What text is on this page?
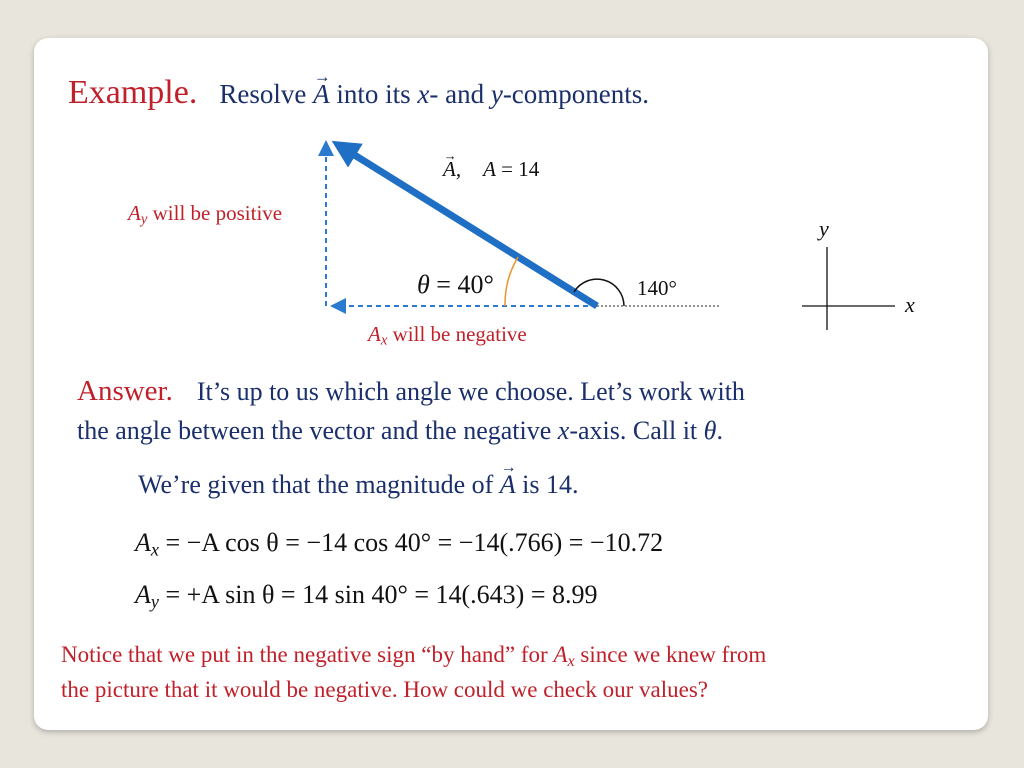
Example. Resolve → A into its x- and y-components.
→ A, A = 14
$A_y$ will be positive
$A_x$ will be negative
θ = 40°	140°
y
x
Answer. It’s up to us which angle we choose. Let’s work with
the angle between the vector and the negative x-axis. Call it θ.
We’re given that the magnitude of → A is 14.
$A_x = -A$ cos θ = −14 cos 40° = −14(.766) = −10.72
$A_y = +A$ sin θ = 14 sin 40° = 14(.643) = 8.99
Notice that we put in the negative sign “by hand” for $A_x$ since we knew from
the picture that it would be negative. How could we check our values?
